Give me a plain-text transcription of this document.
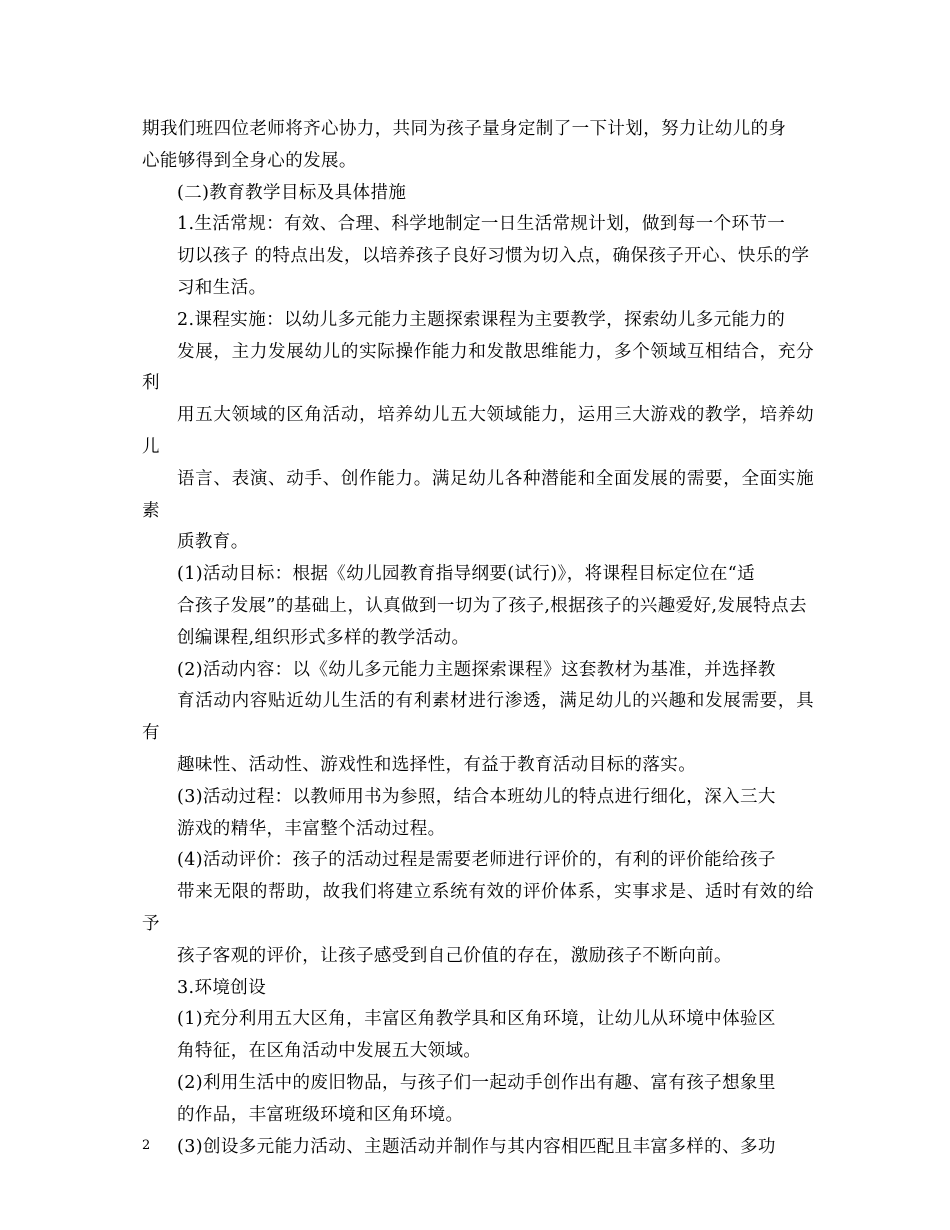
期我们班四位老师将齐心协力，共同为孩子量身定制了一下计划，努力让幼儿的身
心能够得到全身心的发展。

(二)教育教学目标及具体措施

1.生活常规：有效、合理、科学地制定一日生活常规计划，做到每一个环节一
切以孩子 的特点出发，以培养孩子良好习惯为切入点，确保孩子开心、快乐的学
习和生活。

2.课程实施：以幼儿多元能力主题探索课程为主要教学，探索幼儿多元能力的
发展，主力发展幼儿的实际操作能力和发散思维能力，多个领域互相结合，充分利
用五大领域的区角活动，培养幼儿五大领域能力，运用三大游戏的教学，培养幼儿
语言、表演、动手、创作能力。满足幼儿各种潜能和全面发展的需要，全面实施素
质教育。

(1)活动目标：根据《幼儿园教育指导纲要(试行)》，将课程目标定位在“适
合孩子发展”的基础上，认真做到一切为了孩子,根据孩子的兴趣爱好,发展特点去
创编课程,组织形式多样的教学活动。

(2)活动内容：以《幼儿多元能力主题探索课程》这套教材为基准，并选择教
育活动内容贴近幼儿生活的有利素材进行渗透，满足幼儿的兴趣和发展需要，具有
趣味性、活动性、游戏性和选择性，有益于教育活动目标的落实。

(3)活动过程：以教师用书为参照，结合本班幼儿的特点进行细化，深入三大
游戏的精华，丰富整个活动过程。

(4)活动评价：孩子的活动过程是需要老师进行评价的，有利的评价能给孩子
带来无限的帮助，故我们将建立系统有效的评价体系，实事求是、适时有效的给予
孩子客观的评价，让孩子感受到自己价值的存在，激励孩子不断向前。

3.环境创设

(1)充分利用五大区角，丰富区角教学具和区角环境，让幼儿从环境中体验区
角特征，在区角活动中发展五大领域。

(2)利用生活中的废旧物品，与孩子们一起动手创作出有趣、富有孩子想象里
的作品，丰富班级环境和区角环境。

(3)创设多元能力活动、主题活动并制作与其内容相匹配且丰富多样的、多功

2
